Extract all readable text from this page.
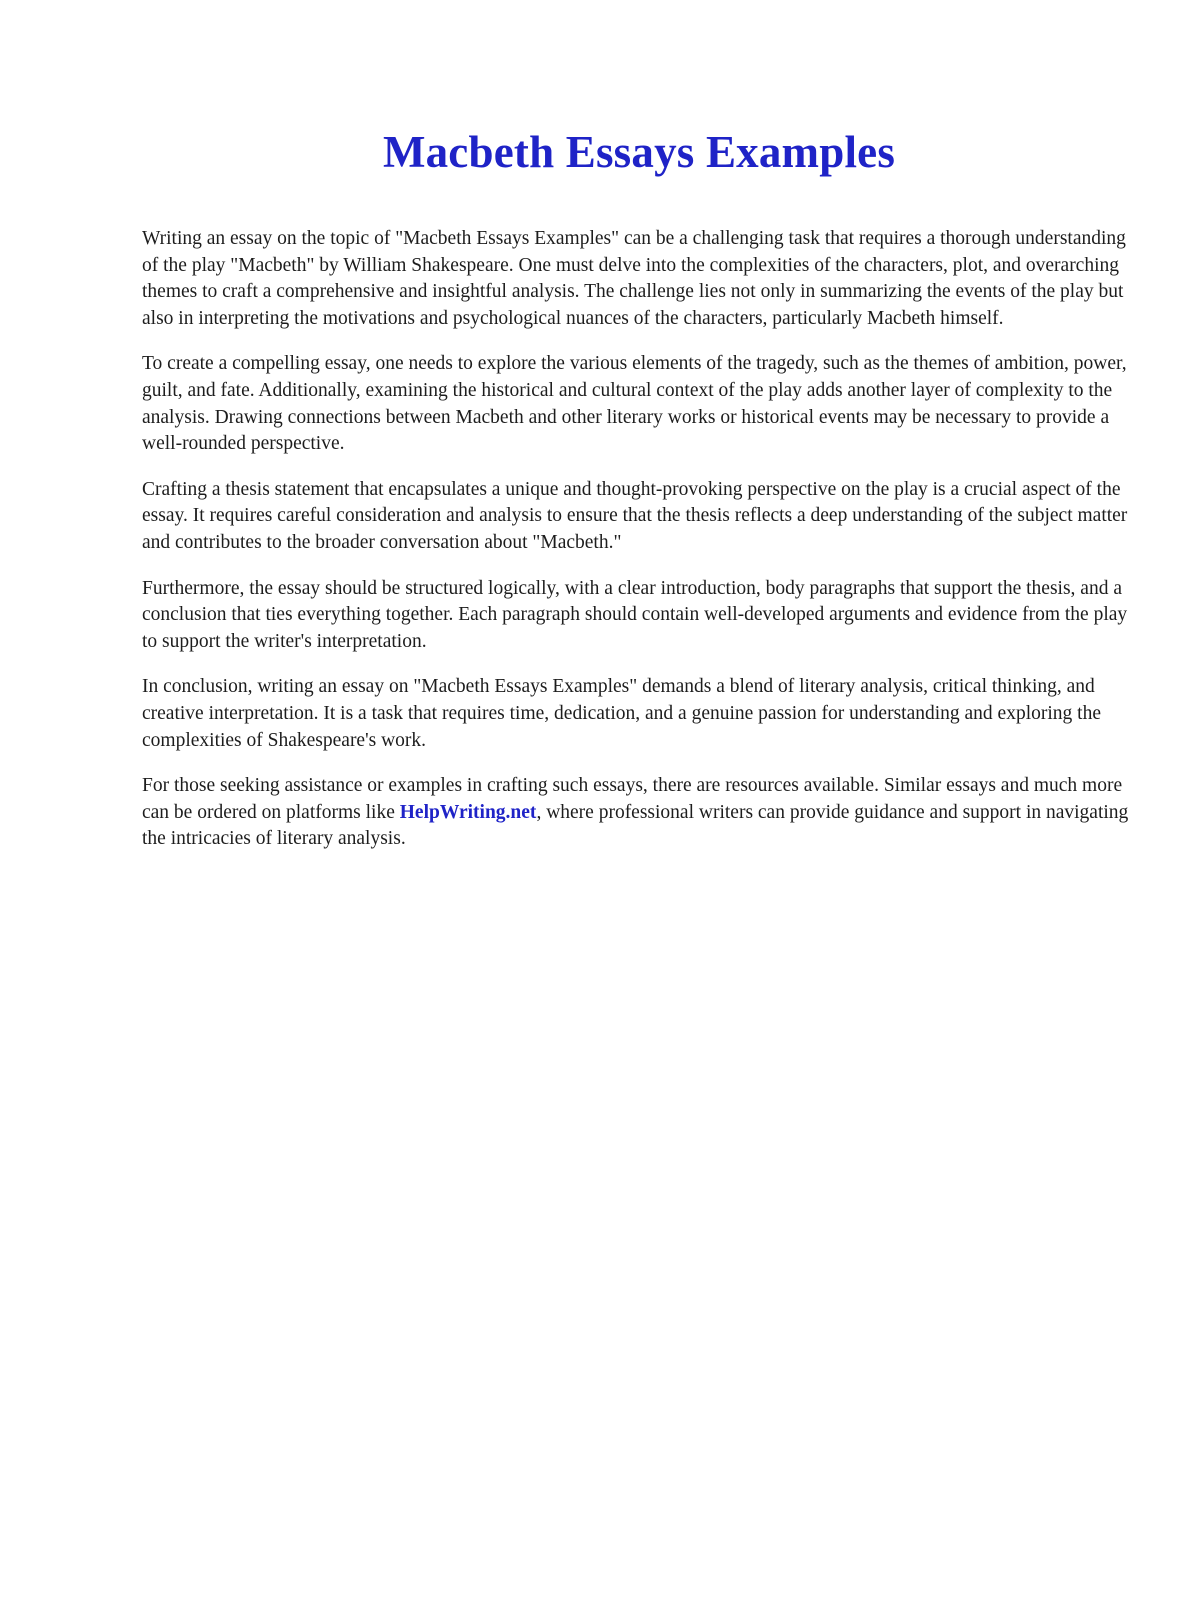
Macbeth Essays Examples

Writing an essay on the topic of "Macbeth Essays Examples" can be a challenging task that requires a thorough understanding of the play "Macbeth" by William Shakespeare. One must delve into the complexities of the characters, plot, and overarching themes to craft a comprehensive and insightful analysis. The challenge lies not only in summarizing the events of the play but also in interpreting the motivations and psychological nuances of the characters, particularly Macbeth himself.

To create a compelling essay, one needs to explore the various elements of the tragedy, such as the themes of ambition, power, guilt, and fate. Additionally, examining the historical and cultural context of the play adds another layer of complexity to the analysis. Drawing connections between Macbeth and other literary works or historical events may be necessary to provide a well-rounded perspective.

Crafting a thesis statement that encapsulates a unique and thought-provoking perspective on the play is a crucial aspect of the essay. It requires careful consideration and analysis to ensure that the thesis reflects a deep understanding of the subject matter and contributes to the broader conversation about "Macbeth."

Furthermore, the essay should be structured logically, with a clear introduction, body paragraphs that support the thesis, and a conclusion that ties everything together. Each paragraph should contain well-developed arguments and evidence from the play to support the writer's interpretation.

In conclusion, writing an essay on "Macbeth Essays Examples" demands a blend of literary analysis, critical thinking, and creative interpretation. It is a task that requires time, dedication, and a genuine passion for understanding and exploring the complexities of Shakespeare's work.

For those seeking assistance or examples in crafting such essays, there are resources available. Similar essays and much more can be ordered on platforms like HelpWriting.net, where professional writers can provide guidance and support in navigating the intricacies of literary analysis.
